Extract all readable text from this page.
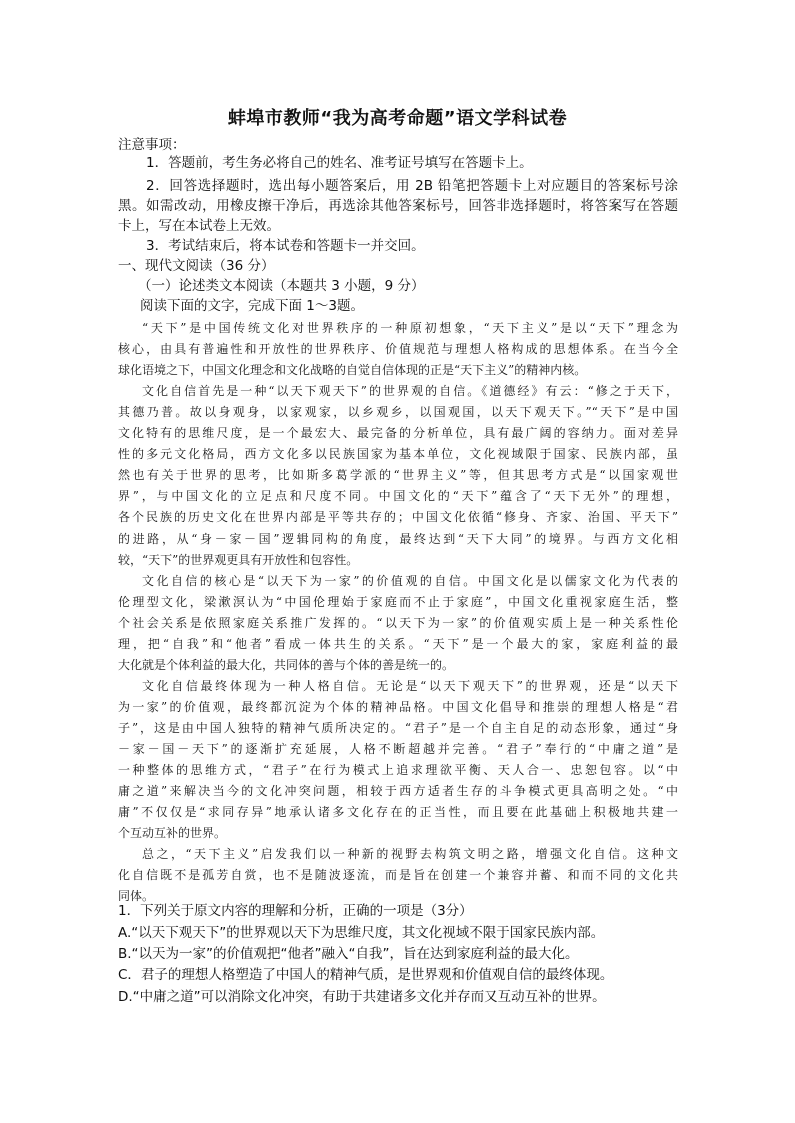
蚌埠市教师“我为高考命题”语文学科试卷
注意事项：
1．答题前，考生务必将自己的姓名、准考证号填写在答题卡上。
2．回答选择题时，选出每小题答案后，用 2B 铅笔把答题卡上对应题目的答案标号涂
黑。如需改动，用橡皮擦干净后，再选涂其他答案标号，回答非选择题时，将答案写在答题
卡上，写在本试卷上无效。
3．考试结束后，将本试卷和答题卡一并交回。
一、现代文阅读（36 分）
（一）论述类文本阅读（本题共 3 小题，9 分）
阅读下面的文字，完成下面 1～3题。
“天下”是中国传统文化对世界秩序的一种原初想象，“天下主义”是以“天下”理念为
核心，由具有普遍性和开放性的世界秩序、价值规范与理想人格构成的思想体系。在当今全
球化语境之下，中国文化理念和文化战略的自觉自信体现的正是“天下主义”的精神内核。
文化自信首先是一种“以天下观天下”的世界观的自信。《道德经》有云：“修之于天下，
其德乃普。故以身观身，以家观家，以乡观乡，以国观国，以天下观天下。”“天下”是中国
文化特有的思维尺度，是一个最宏大、最完备的分析单位，具有最广阔的容纳力。面对差异
性的多元文化格局，西方文化多以民族国家为基本单位，文化视域限于国家、民族内部，虽
然也有关于世界的思考，比如斯多葛学派的“世界主义”等，但其思考方式是“以国家观世
界”，与中国文化的立足点和尺度不同。中国文化的“天下”蕴含了“天下无外”的理想，
各个民族的历史文化在世界内部是平等共存的；中国文化依循“修身、齐家、治国、平天下”
的进路，从“身－家－国”逻辑同构的角度，最终达到“天下大同”的境界。与西方文化相
较，“天下”的世界观更具有开放性和包容性。
文化自信的核心是“以天下为一家”的价值观的自信。中国文化是以儒家文化为代表的
伦理型文化，梁漱溟认为“中国伦理始于家庭而不止于家庭”，中国文化重视家庭生活，整
个社会关系是依照家庭关系推广发挥的。“以天下为一家”的价值观实质上是一种关系性伦
理，把“自我”和“他者”看成一体共生的关系。“天下”是一个最大的家，家庭利益的最
大化就是个体利益的最大化，共同体的善与个体的善是统一的。
文化自信最终体现为一种人格自信。无论是“以天下观天下”的世界观，还是“以天下
为一家”的价值观，最终都沉淀为个体的精神品格。中国文化倡导和推崇的理想人格是“君
子”，这是由中国人独特的精神气质所决定的。“君子”是一个自主自足的动态形象，通过“身
－家－国－天下”的逐渐扩充延展，人格不断超越并完善。“君子”奉行的“中庸之道”是
一种整体的思维方式，“君子”在行为模式上追求理欲平衡、天人合一、忠恕包容。以“中
庸之道”来解决当今的文化冲突问题，相较于西方适者生存的斗争模式更具高明之处。“中
庸”不仅仅是“求同存异”地承认诸多文化存在的正当性，而且要在此基础上积极地共建一
个互动互补的世界。
总之，“天下主义”启发我们以一种新的视野去构筑文明之路，增强文化自信。这种文
化自信既不是孤芳自赏，也不是随波逐流，而是旨在创建一个兼容并蓄、和而不同的文化共
同体。
1．下列关于原文内容的理解和分析，正确的一项是（3分）
A.“以天下观天下”的世界观以天下为思维尺度，其文化视域不限于国家民族内部。
B.“以天为一家”的价值观把“他者”融入“自我”，旨在达到家庭利益的最大化。
C．君子的理想人格塑造了中国人的精神气质，是世界观和价值观自信的最终体现。
D.“中庸之道”可以消除文化冲突，有助于共建诸多文化并存而又互动互补的世界。
